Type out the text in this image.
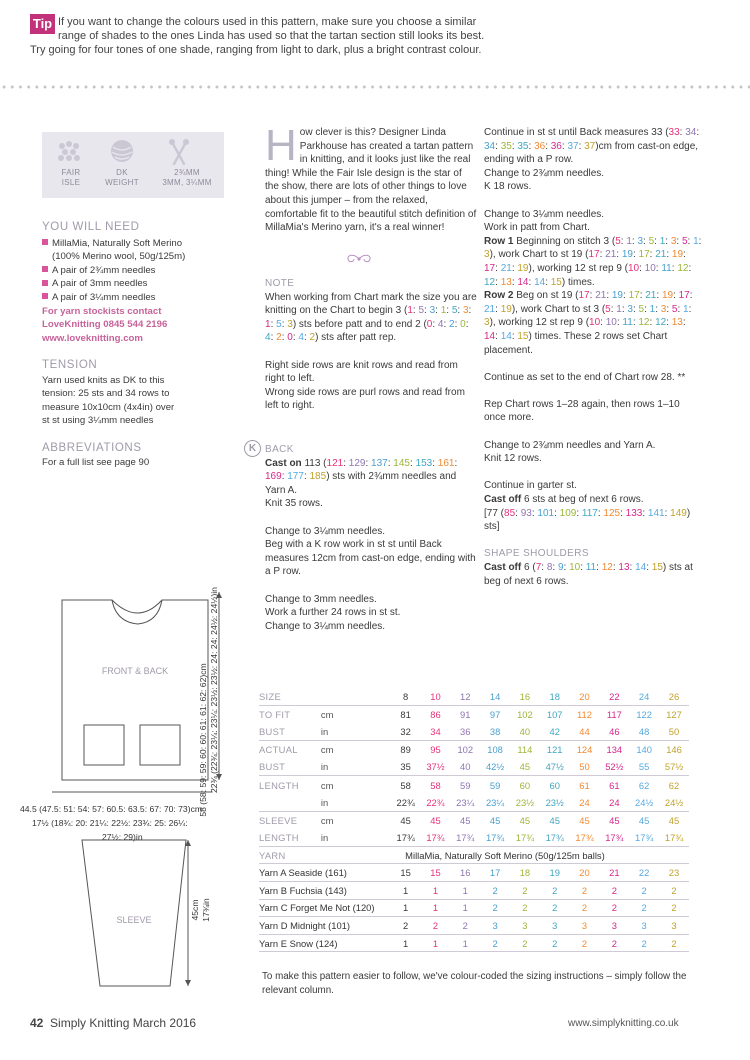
Tip If you want to change the colours used in this pattern, make sure you choose a similar
range of shades to the ones Linda has used so that the tartan section still looks its best.
Try going for four tones of one shade, ranging from light to dark, plus a bright contrast colour.
FAIR
ISLE
DK
WEIGHT
2¾MM
3MM, 3¼MM
YOU WILL NEED
MillaMia, Naturally Soft Merino
(100% Merino wool, 50g/125m)
A pair of 2¾mm needles
A pair of 3mm needles
A pair of 3¼mm needles
For yarn stockists contact
LoveKnitting 0845 544 2196
www.loveknitting.com
TENSION
Yarn used knits as DK to this
tension: 25 sts and 34 rows to
measure 10x10cm (4x4in) over
st st using 3¼mm needles
ABBREVIATIONS
For a full list see page 90
H ow clever is this? Designer Linda Parkhouse has created a tartan pattern in knitting, and it looks just like the real thing! While the Fair Isle design is the star of the show, there are lots of other things to love about this jumper – from the relaxed, comfortable fit to the beautiful stitch definition of MillaMia's Merino yarn, it's a real winner!
NOTE
When working from Chart mark the size you are knitting on the Chart to begin 3 (1: 5: 3: 1: 5: 3: 1: 5: 3) sts before patt and to end 2 (0: 4: 2: 0: 4: 2: 0: 4: 2) sts after patt rep.
Right side rows are knit rows and read from right to left.
Wrong side rows are purl rows and read from left to right.
K BACK
Cast on 113 (121: 129: 137: 145: 153: 161: 169: 177: 185) sts with 2¾mm needles and Yarn A.
Knit 35 rows.
Change to 3¼mm needles.
Beg with a K row work in st st until Back measures 12cm from cast-on edge, ending with a P row.
Change to 3mm needles.
Work a further 24 rows in st st.
Change to 3¼mm needles.
Continue in st st until Back measures 33 (33: 34: 34: 35: 35: 36: 36: 37: 37)cm from cast-on edge, ending with a P row.
Change to 2¾mm needles.
K 18 rows.
Change to 3¼mm needles.
Work in patt from Chart.
Row 1 Beginning on stitch 3 (5: 1: 3: 5: 1: 3: 5: 1: 3), work Chart to st 19 (17: 21: 19: 17: 21: 19: 17: 21: 19), working 12 st rep 9 (10: 10: 11: 12: 12: 13: 14: 14: 15) times.
Row 2 Beg on st 19 (17: 21: 19: 17: 21: 19: 17: 21: 19), work Chart to st 3 (5: 1: 3: 5: 1: 3: 5: 1: 3), working 12 st rep 9 (10: 10: 11: 12: 12: 13: 14: 14: 15) times. These 2 rows set Chart placement.
Continue as set to the end of Chart row 28. **
Rep Chart rows 1–28 again, then rows 1–10 once more.
Change to 2¾mm needles and Yarn A.
Knit 12 rows.
Continue in garter st.
Cast off 6 sts at beg of next 6 rows.
[77 (85: 93: 101: 109: 117: 125: 133: 141: 149) sts]
SHAPE SHOULDERS
Cast off 6 (7: 8: 9: 10: 11: 12: 13: 14: 15) sts at beg of next 6 rows.
FRONT & BACK
SLEEVE
58 (58: 59: 59: 60: 60: 61: 61: 62: 62)cm 22¾ (22¾: 23¼: 23¼: 23½: 23½: 24: 24: 24½: 24½)in
45cm 17¾in
44.5 (47.5: 51: 54: 57: 60.5: 63.5: 67: 70: 73)cm
17½ (18¾: 20: 21¼: 22½: 23¾: 25: 26¼:
27½: 29)in
SIZE		8	10	12	14	16	18	20	22	24	26
TO FIT	cm	81	86	91	97	102	107	112	117	122	127
BUST	in	32	34	36	38	40	42	44	46	48	50
ACTUAL	cm	89	95	102	108	114	121	124	134	140	146
BUST	in	35	37½	40	42½	45	47½	50	52½	55	57½
LENGTH	cm	58	58	59	59	60	60	61	61	62	62
	in	22¾	22¾	23¼	23¼	23½	23½	24	24	24½	24½
SLEEVE	cm	45	45	45	45	45	45	45	45	45	45
LENGTH	in	17¾	17¾	17¾	17¾	17¾	17¾	17¾	17¾	17¾	17¾
YARN	MillaMia, Naturally Soft Merino (50g/125m balls)										
Yarn A Seaside (161)		15	15	16	17	18	19	20	21	22	23
Yarn B Fuchsia (143)		1	1	1	2	2	2	2	2	2	2
Yarn C Forget Me Not (120)		1	1	1	2	2	2	2	2	2	2
Yarn D Midnight (101)		2	2	2	3	3	3	3	3	3	3
Yarn E Snow (124)		1	1	1	2	2	2	2	2	2	2
To make this pattern easier to follow, we've colour-coded the sizing instructions – simply follow the relevant column.
42 Simply Knitting March 2016	www.simplyknitting.co.uk
